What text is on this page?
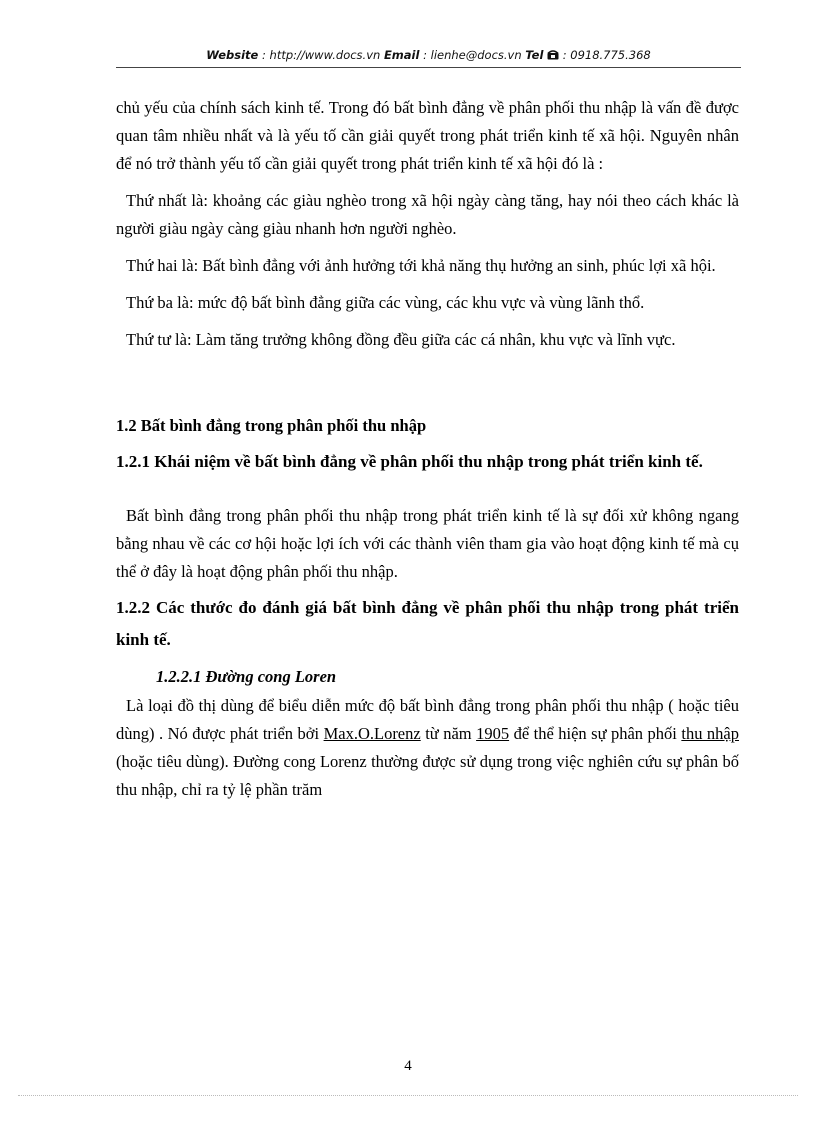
Website : http://www.docs.vn Email : lienhe@docs.vn Tel  : 0918.775.368

chủ yếu của chính sách kinh tế. Trong đó bất bình đẳng về phân phối thu nhập là vấn đề được quan tâm nhiều nhất và là yếu tố cần giải quyết trong phát triển kinh tế xã hội. Nguyên nhân để nó trở thành yếu tố cần giải quyết trong phát triển kinh tế xã hội đó là :

Thứ nhất là: khoảng các giàu nghèo trong xã hội ngày càng tăng, hay nói theo cách khác là người giàu ngày càng giàu nhanh hơn người nghèo.

Thứ hai là: Bất bình đẳng với ảnh hưởng tới khả năng thụ hưởng an sinh, phúc lợi xã hội.

Thứ ba là: mức độ bất bình đẳng giữa các vùng, các khu vực và vùng lãnh thổ.

Thứ tư là: Làm tăng trưởng không đồng đều giữa các cá nhân, khu vực và lĩnh vực.

1.2 Bất bình đẳng trong phân phối thu nhập
1.2.1 Khái niệm về bất bình đẳng về phân phối thu nhập trong phát triển kinh tế.

Bất bình đẳng trong phân phối thu nhập trong phát triển kinh tế là sự đối xử không ngang bằng nhau về các cơ hội hoặc lợi ích với các thành viên tham gia vào hoạt động kinh tế mà cụ thể ở đây là hoạt động phân phối thu nhập.

1.2.2 Các thước đo đánh giá bất bình đẳng về phân phối thu nhập trong phát triển kinh tế.
1.2.2.1 Đường cong Loren

Là loại đồ thị dùng để biểu diễn mức độ bất bình đẳng trong phân phối thu nhập ( hoặc tiêu dùng) . Nó được phát triển bởi Max.O.Lorenz từ năm 1905 để thể hiện sự phân phối thu nhập (hoặc tiêu dùng). Đường cong Lorenz thường được sử dụng trong việc nghiên cứu sự phân bố thu nhập, chỉ ra tỷ lệ phần trăm

4
